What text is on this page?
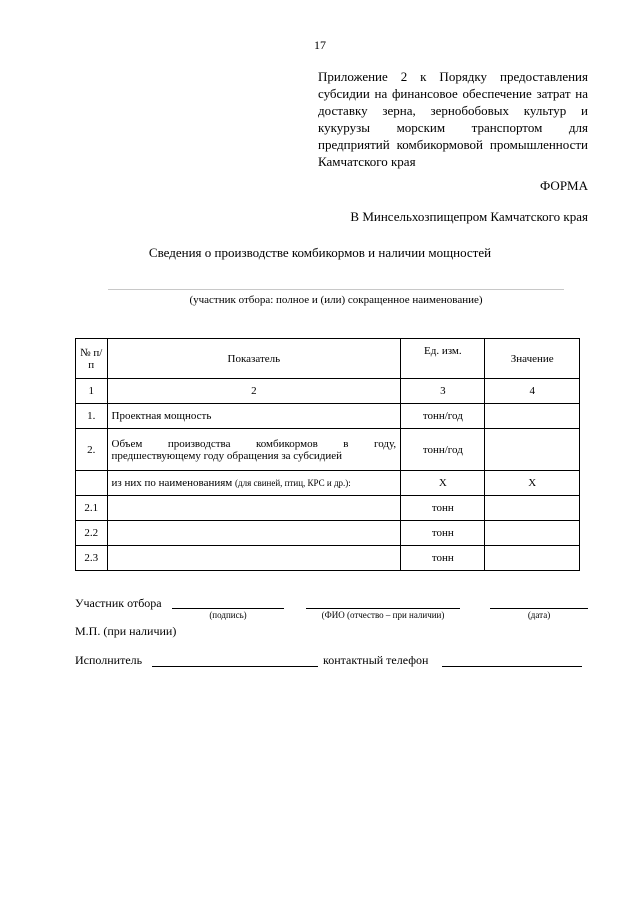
17
Приложение 2 к Порядку предоставления субсидии на финансовое обеспечение затрат на доставку зерна, зернобобовых культур и кукурузы морским транспортом для предприятий комбикормовой промышленности Камчатского края
ФОРМА
В Минсельхозпищепром Камчатского края
Сведения о производстве комбикормов и наличии мощностей
(участник отбора: полное и (или) сокращенное наименование)
№ п/п	Показатель	Ед. изм.	Значение
1	2	3	4
1.	Проектная мощность	тонн/год	
2.	Объем производства комбикормов в году, предшествующему году обращения за субсидией	тонн/год	
	из них по наименованиям (для свиней, птиц, КРС и др.):	Х	Х
2.1		тонн	
2.2		тонн	
2.3		тонн	
Участник отбора
(подпись)	(ФИО (отчество – при наличии)	(дата)
М.П. (при наличии)
Исполнитель	контактный телефон
